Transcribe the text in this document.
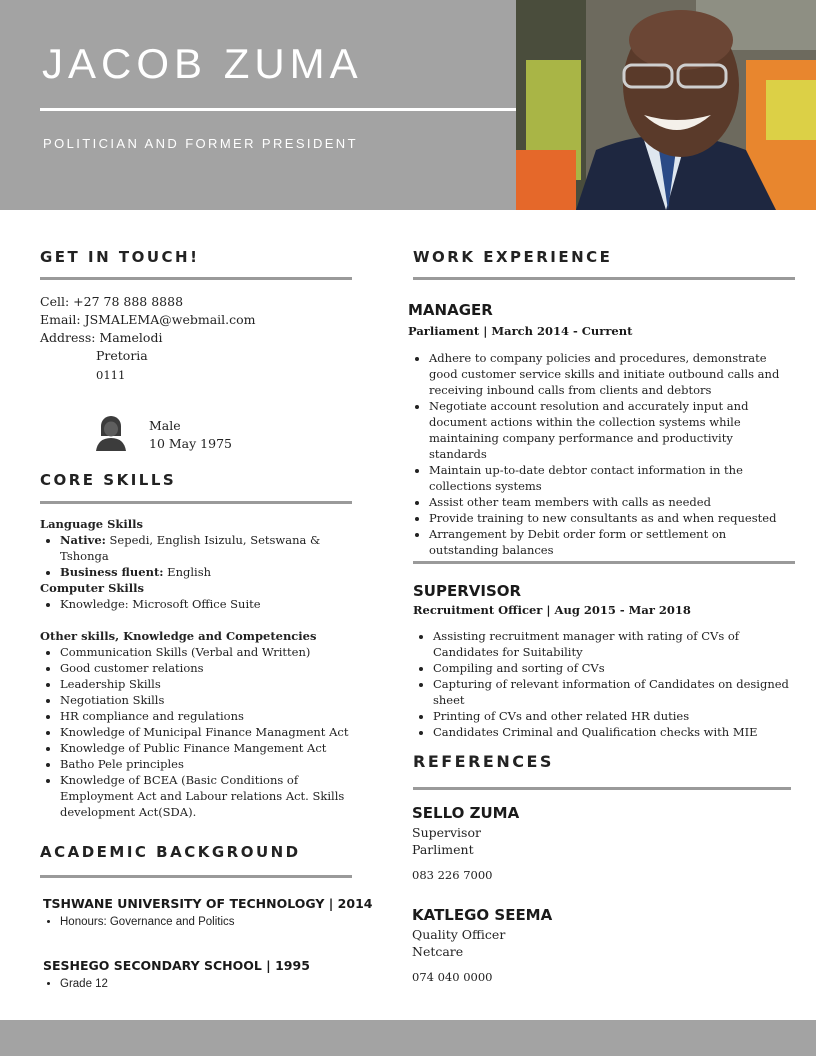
JACOB ZUMA
POLITICIAN AND FORMER PRESIDENT
GET IN TOUCH!
Cell: +27 78 888 8888
Email: JSMALEMA@webmail.com
Address: Mamelodi
Pretoria
0111
Male
10 May 1975
CORE SKILLS
Language Skills
• Native: Sepedi, English Isizulu, Setswana & Tshonga
• Business fluent: English
Computer Skills
• Knowledge: Microsoft Office Suite
Other skills, Knowledge and Competencies
• Communication Skills (Verbal and Written)
• Good customer relations
• Leadership Skills
• Negotiation Skills
• HR compliance and regulations
• Knowledge of Municipal Finance Managment Act
• Knowledge of Public Finance Mangement Act
• Batho Pele principles
• Knowledge of BCEA (Basic Conditions of Employment Act and Labour relations Act. Skills development Act(SDA).
ACADEMIC BACKGROUND
TSHWANE UNIVERSITY OF TECHNOLOGY | 2014
• Honours: Governance and Politics
SESHEGO SECONDARY SCHOOL | 1995
• Grade 12
WORK EXPERIENCE
MANAGER
Parliament | March 2014 - Current
• Adhere to company policies and procedures, demonstrate good customer service skills and initiate outbound calls and receiving inbound calls from clients and debtors
• Negotiate account resolution and accurately input and document actions within the collection systems while maintaining company performance and productivity standards
• Maintain up-to-date debtor contact information in the collections systems
• Assist other team members with calls as needed
• Provide training to new consultants as and when requested
• Arrangement by Debit order form or settlement on outstanding balances
SUPERVISOR
Recruitment Officer | Aug 2015 - Mar 2018
• Assisting recruitment manager with rating of CVs of Candidates for Suitability
• Compiling and sorting of CVs
• Capturing of relevant information of Candidates on designed sheet
• Printing of CVs and other related HR duties
• Candidates Criminal and Qualification checks with MIE
REFERENCES
SELLO ZUMA
Supervisor
Parliment
083 226 7000
KATLEGO SEEMA
Quality Officer
Netcare
074 040 0000
